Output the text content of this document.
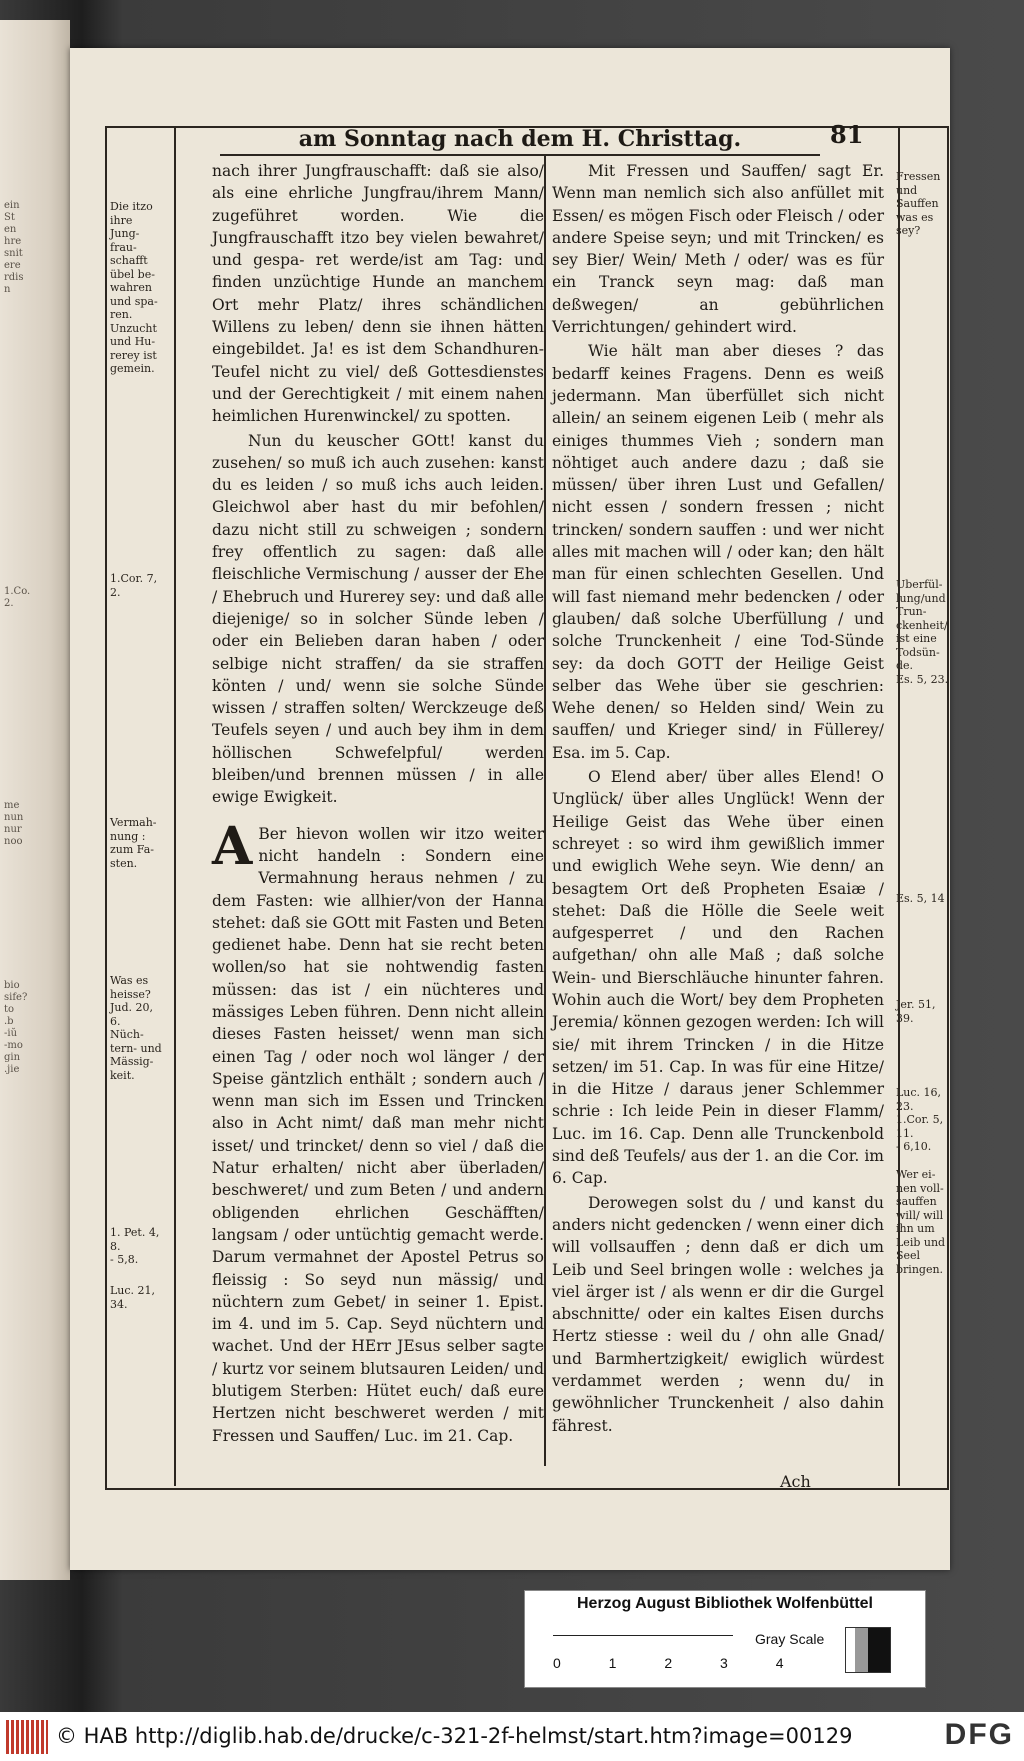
ein
St
en
hre
snit
ere
rdis
n
1.Co.
2.
me
nun
nur
noo
bio
sife?
to
.b
-iŭ
-mo
gin
.jie
am Sonntag nach dem H. Christtag.	81
Die itzo
ihre
Jung-
frau-
schafft
übel be-
wahren
und spa-
ren.
Unzucht
und Hu-
rerey ist
gemein.
1.Cor. 7,
2.
Vermah-
nung :
zum Fa-
sten.
Was es
heisse?
Jud. 20,
6.
Nüch-
tern- und
Mässig-
keit.
1. Pet. 4,
8.
- 5,8.
Luc. 21,
34.
Fressen
und
Sauffen
was es
sey?
Uberfül-
lung/und
Trun-
ckenheit/
ist eine
Todsün-
de.
Es. 5, 23.
Es. 5, 14
Jer. 51,
39.
Luc. 16,
23.
1.Cor. 5,
11.
- 6,10.
Wer ei-
nen voll-
sauffen
will/ will
ihn um
Leib und
Seel
bringen.

nach ihrer Jungfrauschafft: daß sie also/ als eine ehrliche Jungfrau/ihrem Mann/ zugeführet worden. Wie die Jungfrauschafft itzo bey vielen bewahret/ und gespa- ret werde/ist am Tag: und finden unzüchtige Hunde an manchem Ort mehr Platz/ ihres schändlichen Willens zu leben/ denn sie ihnen hätten eingebildet. Ja! es ist dem Schandhuren-Teufel nicht zu viel/ deß Gottesdienstes und der Gerechtigkeit / mit einem nahen heimlichen Hurenwinckel/ zu spotten.

Nun du keuscher GOtt! kanst du zusehen/ so muß ich auch zusehen: kanst du es leiden / so muß ichs auch leiden. Gleichwol aber hast du mir befohlen/ dazu nicht still zu schweigen ; sondern frey offentlich zu sagen: daß alle fleischliche Vermischung / ausser der Ehe / Ehebruch und Hurerey sey: und daß alle diejenige/ so in solcher Sünde leben / oder ein Belieben daran haben / oder selbige nicht straffen/ da sie straffen könten / und/ wenn sie solche Sünde wissen / straffen solten/ Werckzeuge deß Teufels seyen / und auch bey ihm in dem höllischen Schwefelpful/ werden bleiben/und brennen müssen / in alle ewige Ewigkeit.

A Ber hievon wollen wir itzo weiter nicht handeln : Sondern eine Vermahnung heraus nehmen / zu dem Fasten: wie allhier/von der Hanna stehet: daß sie GOtt mit Fasten und Beten gedienet habe. Denn hat sie recht beten wollen/so hat sie nohtwendig fasten müssen: das ist / ein nüchteres und mässiges Leben führen. Denn nicht allein dieses Fasten heisset/ wenn man sich einen Tag / oder noch wol länger / der Speise gäntzlich enthält ; sondern auch / wenn man sich im Essen und Trincken also in Acht nimt/ daß man mehr nicht isset/ und trincket/ denn so viel / daß die Natur erhalten/ nicht aber überladen/ beschweret/ und zum Beten / und andern obligenden ehrlichen Geschäfften/ langsam / oder untüchtig gemacht werde. Darum vermahnet der Apostel Petrus so fleissig : So seyd nun mässig/ und nüchtern zum Gebet/ in seiner 1. Epist. im 4. und im 5. Cap. Seyd nüchtern und wachet. Und der HErr JEsus selber sagte / kurtz vor seinem blutsauren Leiden/ und blutigem Sterben: Hütet euch/ daß eure Hertzen nicht beschweret werden / mit Fressen und Sauffen/ Luc. im 21. Cap.

Mit Fressen und Sauffen/ sagt Er. Wenn man nemlich sich also anfüllet mit Essen/ es mögen Fisch oder Fleisch / oder andere Speise seyn; und mit Trincken/ es sey Bier/ Wein/ Meth / oder/ was es für ein Tranck seyn mag: daß man deßwegen/ an gebührlichen Verrichtungen/ gehindert wird.

Wie hält man aber dieses ? das bedarff keines Fragens. Denn es weiß jedermann. Man überfüllet sich nicht allein/ an seinem eigenen Leib ( mehr als einiges thummes Vieh ; sondern man nöhtiget auch andere dazu ; daß sie müssen/ über ihren Lust und Gefallen/ nicht essen / sondern fressen ; nicht trincken/ sondern sauffen : und wer nicht alles mit machen will / oder kan; den hält man für einen schlechten Gesellen. Und will fast niemand mehr bedencken / oder glauben/ daß solche Uberfüllung / und solche Trunckenheit / eine Tod-Sünde sey: da doch GOTT der Heilige Geist selber das Wehe über sie geschrien: Wehe denen/ so Helden sind/ Wein zu sauffen/ und Krieger sind/ in Füllerey/ Esa. im 5. Cap.

O Elend aber/ über alles Elend! O Unglück/ über alles Unglück! Wenn der Heilige Geist das Wehe über einen schreyet : so wird ihm gewißlich immer und ewiglich Wehe seyn. Wie denn/ an besagtem Ort deß Propheten Esaiæ / stehet: Daß die Hölle die Seele weit aufgesperret / und den Rachen aufgethan/ ohn alle Maß ; daß solche Wein- und Bierschläuche hinunter fahren. Wohin auch die Wort/ bey dem Propheten Jeremia/ können gezogen werden: Ich will sie/ mit ihrem Trincken / in die Hitze setzen/ im 51. Cap. In was für eine Hitze/ in die Hitze / daraus jener Schlemmer schrie : Ich leide Pein in dieser Flamm/ Luc. im 16. Cap. Denn alle Trunckenbold sind deß Teufels/ aus der 1. an die Cor. im 6. Cap.

Derowegen solst du / und kanst du anders nicht gedencken / wenn einer dich will vollsauffen ; denn daß er dich um Leib und Seel bringen wolle : welches ja viel ärger ist / als wenn er dir die Gurgel abschnitte/ oder ein kaltes Eisen durchs Hertz stiesse : weil du / ohn alle Gnad/ und Barmhertzigkeit/ ewiglich würdest verdammet werden ; wenn du/ in gewöhnlicher Trunckenheit / also dahin fährest.

Ach
Herzog August Bibliothek Wolfenbüttel
0 1 2 3 4
Gray Scale
© HAB http://diglib.hab.de/drucke/c-321-2f-helmst/start.htm?image=00129	DFG
